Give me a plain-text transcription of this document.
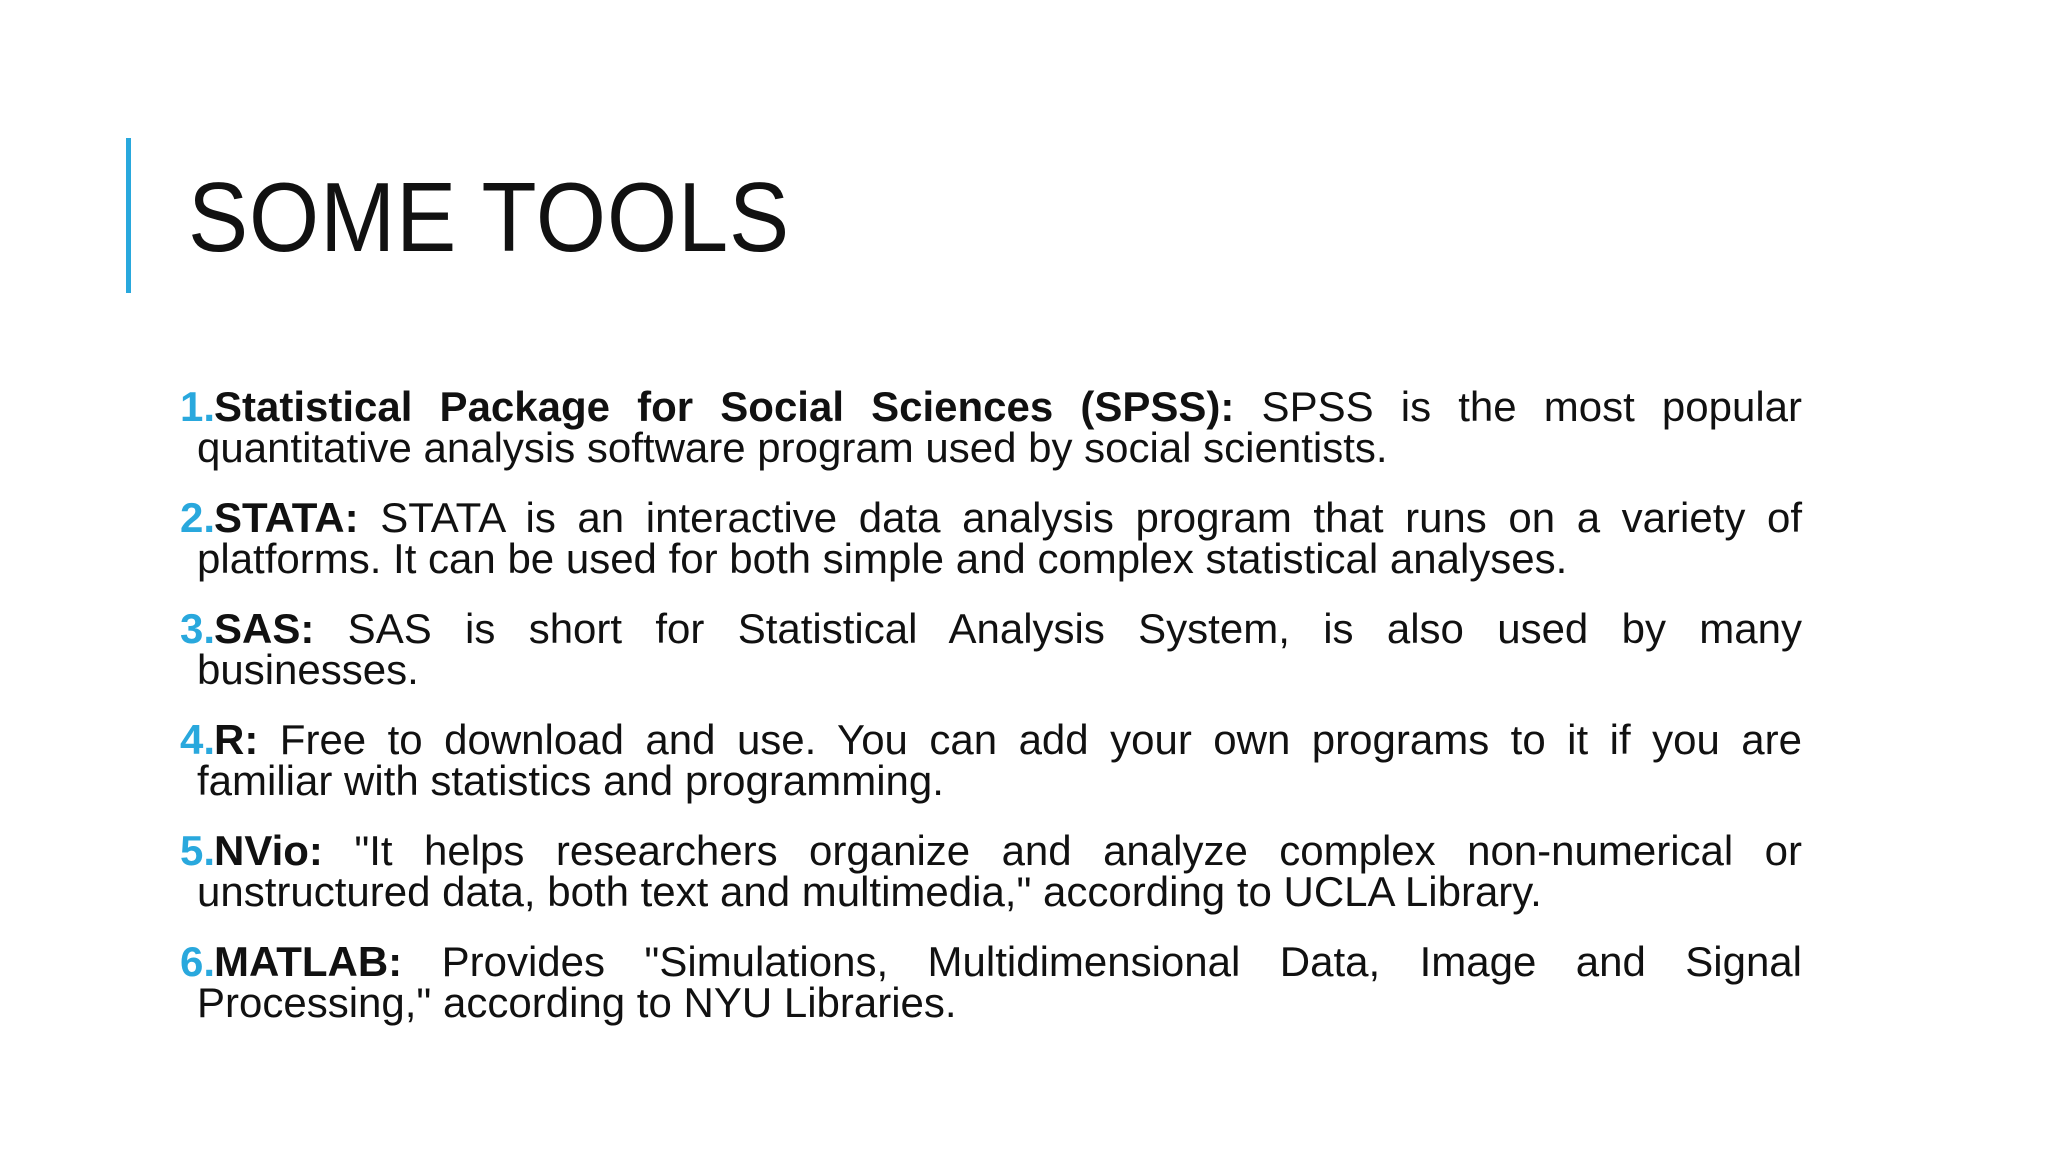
SOME TOOLS
1.
Statistical Package for Social Sciences (SPSS): SPSS is the most popular
quantitative analysis software program used by social scientists.
2.
STATA: STATA is an interactive data analysis program that runs on a variety of
platforms. It can be used for both simple and complex statistical analyses.
3.
SAS: SAS is short for Statistical Analysis System, is also used by many
businesses.
4.
R: Free to download and use. You can add your own programs to it if you are
familiar with statistics and programming.
5.
NVio: "It helps researchers organize and analyze complex non-numerical or
unstructured data, both text and multimedia," according to UCLA Library.
6.
MATLAB: Provides "Simulations, Multidimensional Data, Image and Signal
Processing," according to NYU Libraries.
